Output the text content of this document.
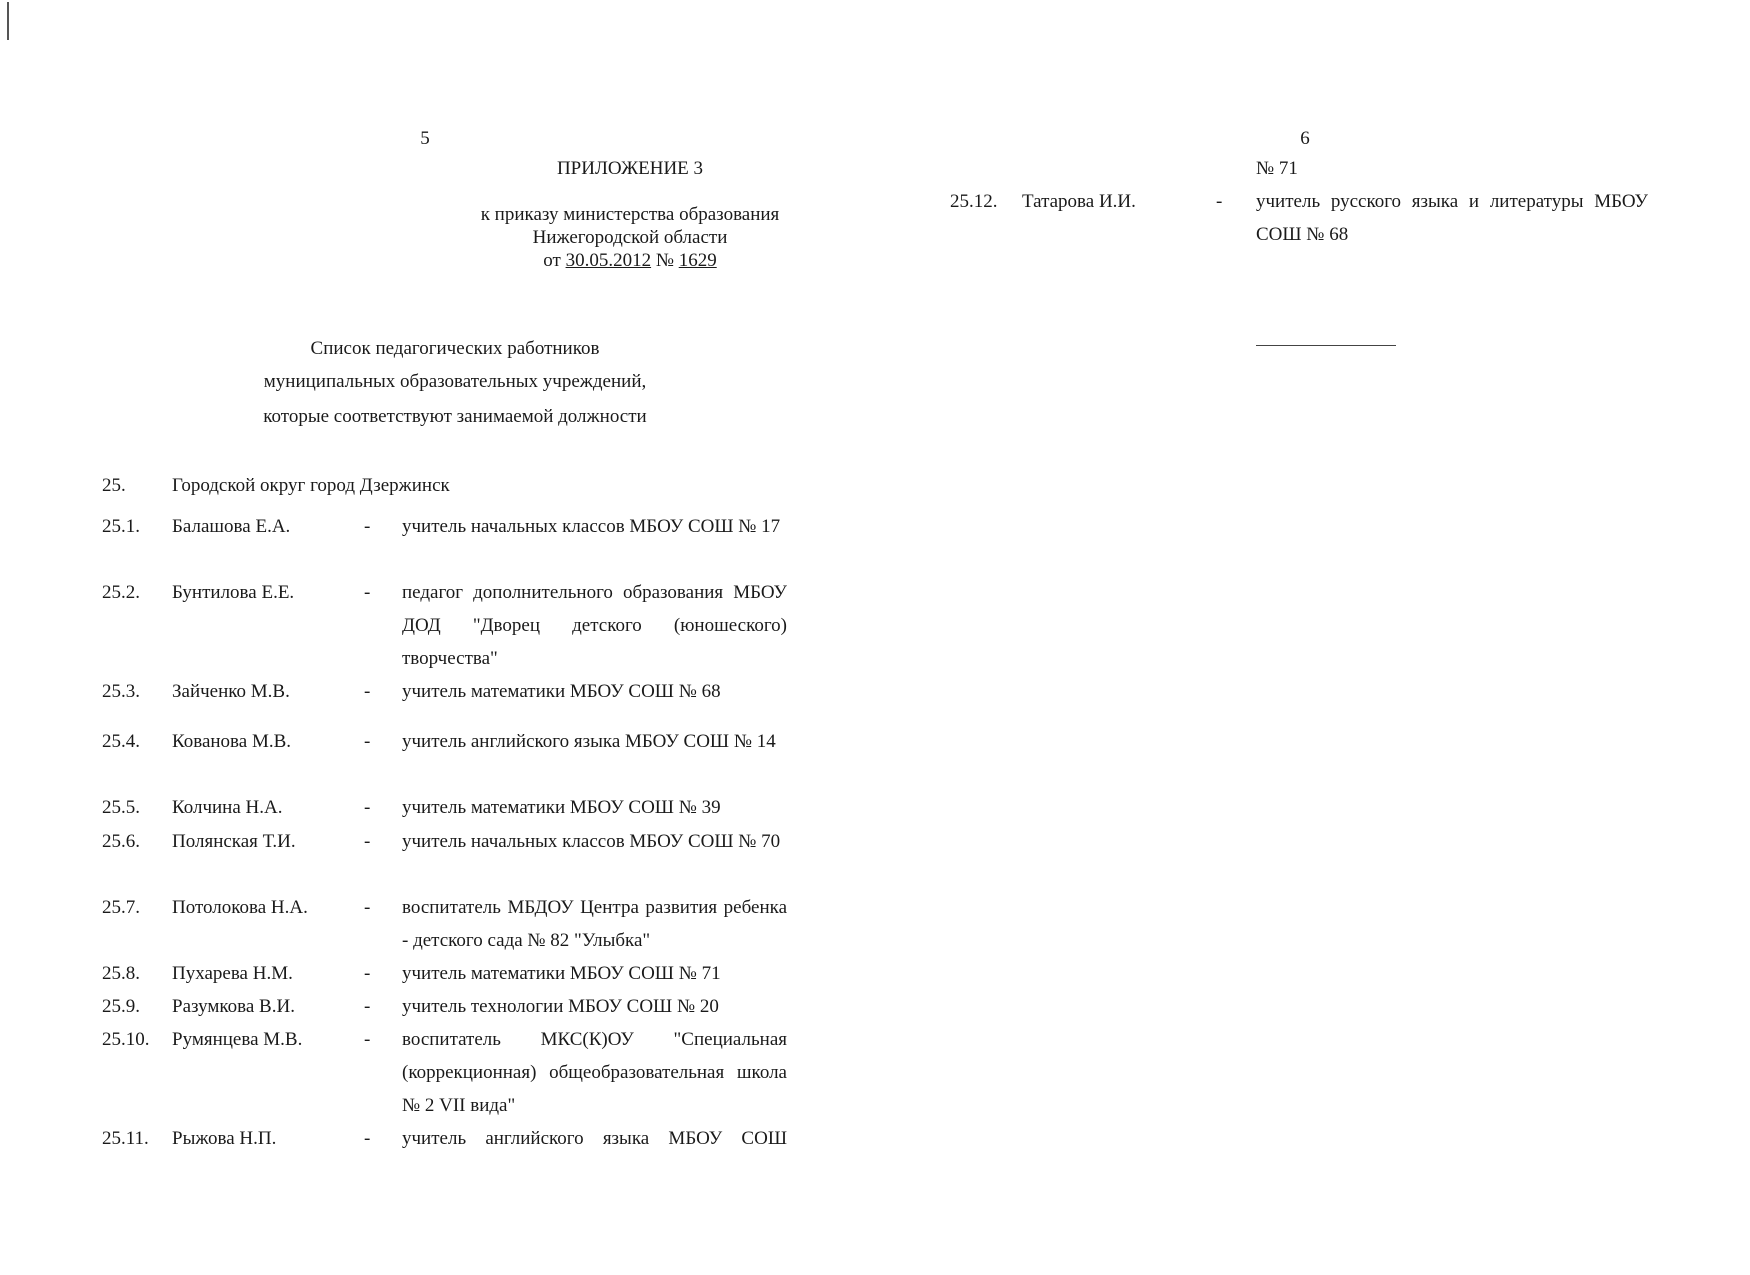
5
ПРИЛОЖЕНИЕ 3
к приказу министерства образования
Нижегородской области
от 30.05.2012 № 1629
Список педагогических работников
муниципальных образовательных учреждений,
которые соответствуют занимаемой должности
25. Городской округ город Дзержинск
25.1. Балашова Е.А.	- учитель начальных классов МБОУ СОШ № 17
25.2. Бунтилова Е.Е.	- педагог дополнительного образования МБОУ ДОД "Дворец детского (юношеского) творчества"
25.3. Зайченко М.В.	- учитель математики МБОУ СОШ № 68
25.4. Кованова М.В.	- учитель английского языка МБОУ СОШ № 14
25.5. Колчина Н.А.	- учитель математики МБОУ СОШ № 39
25.6. Полянская Т.И.	- учитель начальных классов МБОУ СОШ № 70
25.7. Потолокова Н.А.	- воспитатель МБДОУ Центра развития ребенка - детского сада № 82 "Улыбка"
25.8. Пухарева Н.М.	- учитель математики МБОУ СОШ № 71
25.9. Разумкова В.И.	- учитель технологии МБОУ СОШ № 20
25.10. Румянцева М.В.	- воспитатель МКС(К)ОУ "Специальная (коррекционная) общеобразовательная школа № 2 VII вида"
25.11. Рыжова Н.П.	- учитель английского языка МБОУ СОШ
6
№ 71
25.12. Татарова И.И.	- учитель русского языка и литературы МБОУ СОШ № 68
